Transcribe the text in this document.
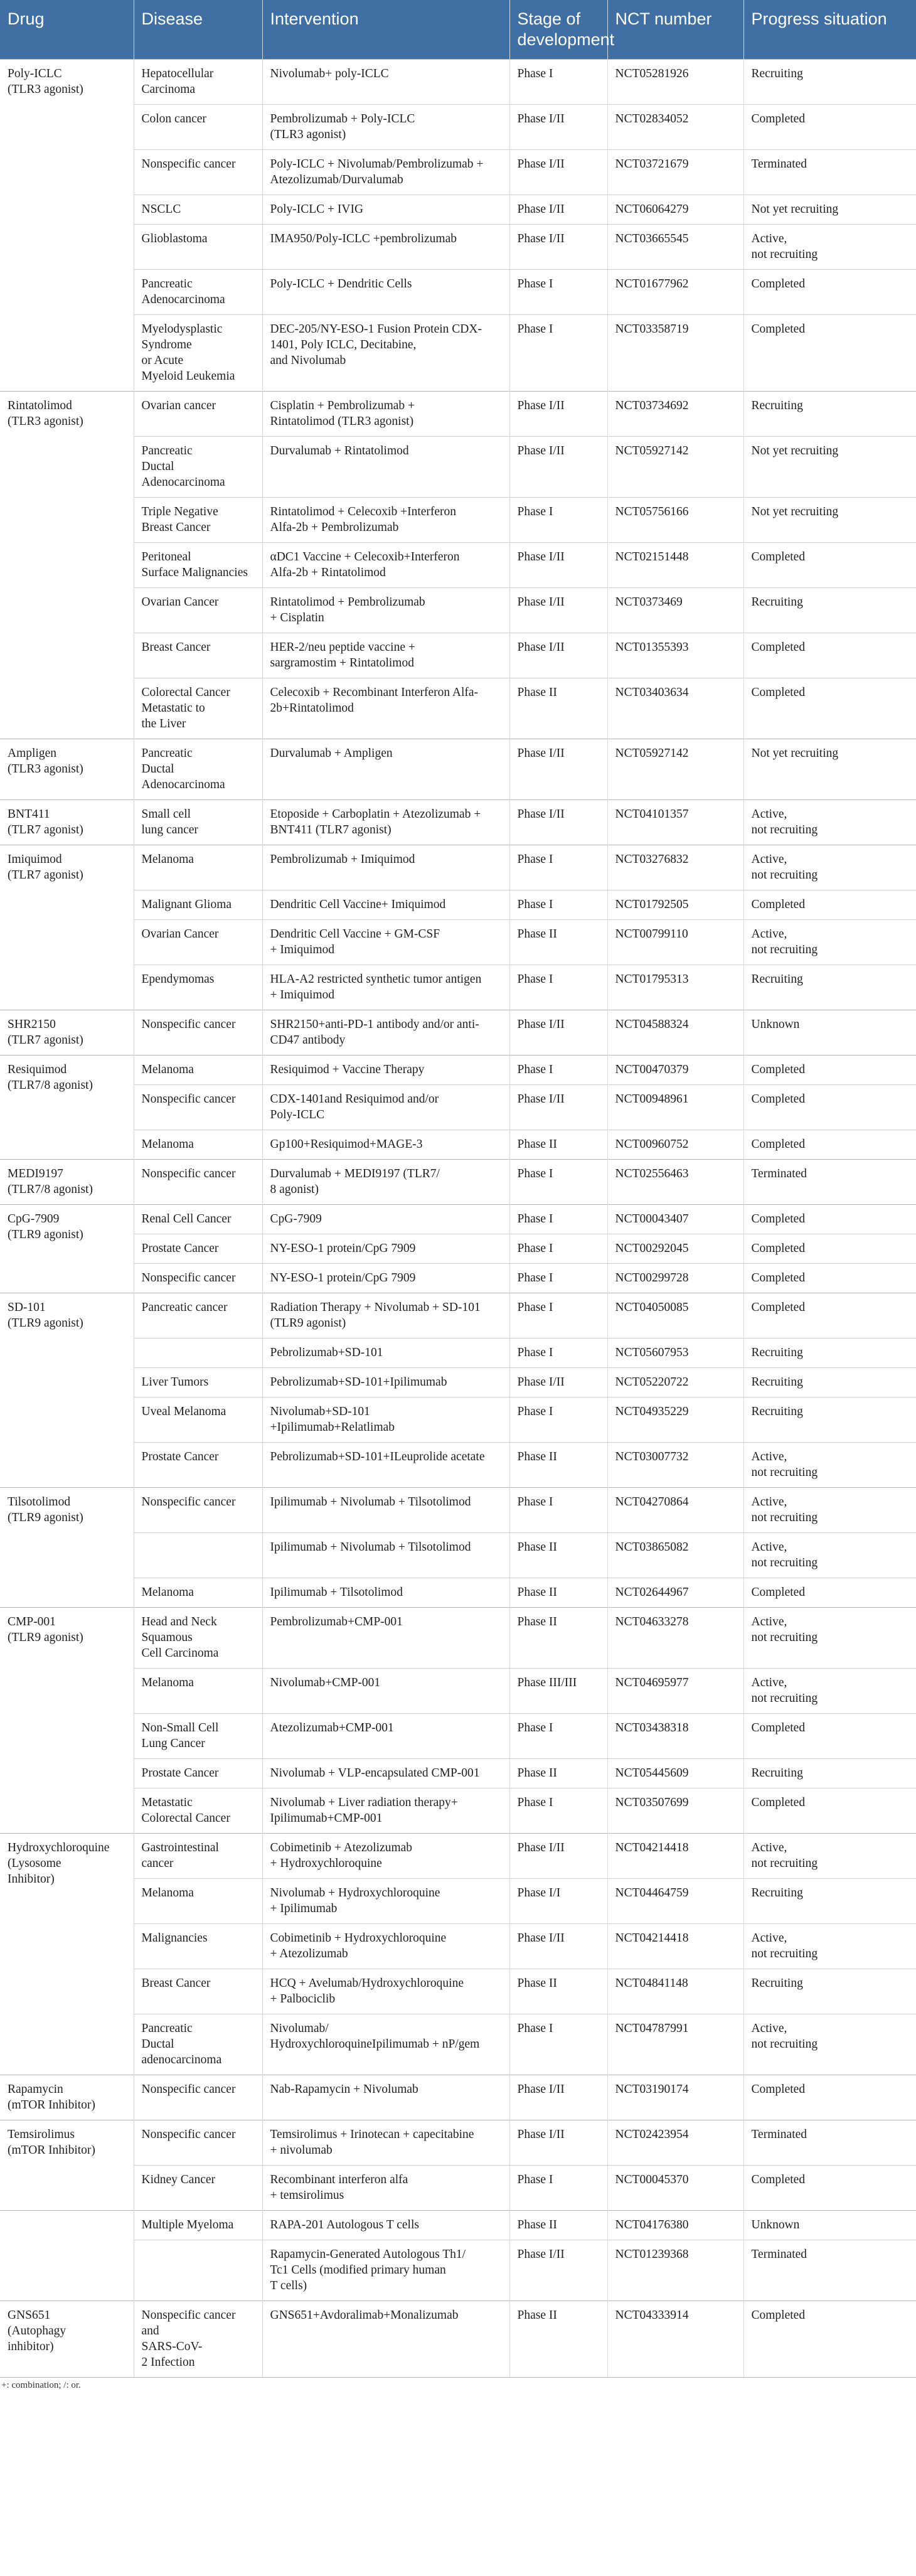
Drug	Disease	Intervention	Stage of development	NCT number	Progress situation
Poly-ICLC
(TLR3 agonist)	Hepatocellular
Carcinoma	Nivolumab+ poly-ICLC	Phase I	NCT05281926	Recruiting
	Colon cancer	Pembrolizumab + Poly-ICLC
(TLR3 agonist)	Phase I/II	NCT02834052	Completed
	Nonspecific cancer	Poly-ICLC + Nivolumab/Pembrolizumab +
Atezolizumab/Durvalumab	Phase I/II	NCT03721679	Terminated
	NSCLC	Poly-ICLC + IVIG	Phase I/II	NCT06064279	Not yet recruiting
	Glioblastoma	IMA950/Poly-ICLC +pembrolizumab	Phase I/II	NCT03665545	Active,
not recruiting
	Pancreatic
Adenocarcinoma	Poly-ICLC + Dendritic Cells	Phase I	NCT01677962	Completed
	Myelodysplastic
Syndrome
or Acute
Myeloid Leukemia	DEC-205/NY-ESO-1 Fusion Protein CDX-
1401, Poly ICLC, Decitabine,
and Nivolumab	Phase I	NCT03358719	Completed
Rintatolimod
(TLR3 agonist)	Ovarian cancer	Cisplatin + Pembrolizumab +
Rintatolimod (TLR3 agonist)	Phase I/II	NCT03734692	Recruiting
	Pancreatic
Ductal
Adenocarcinoma	Durvalumab + Rintatolimod	Phase I/II	NCT05927142	Not yet recruiting
	Triple Negative
Breast Cancer	Rintatolimod + Celecoxib +Interferon
Alfa-2b + Pembrolizumab	Phase I	NCT05756166	Not yet recruiting
	Peritoneal
Surface Malignancies	αDC1 Vaccine + Celecoxib+Interferon
Alfa-2b + Rintatolimod	Phase I/II	NCT02151448	Completed
	Ovarian Cancer	Rintatolimod + Pembrolizumab
+ Cisplatin	Phase I/II	NCT0373469	Recruiting
	Breast Cancer	HER-2/neu peptide vaccine +
sargramostim + Rintatolimod	Phase I/II	NCT01355393	Completed
	Colorectal Cancer
Metastatic to
the Liver	Celecoxib + Recombinant Interferon Alfa-
2b+Rintatolimod	Phase II	NCT03403634	Completed
Ampligen
(TLR3 agonist)	Pancreatic
Ductal
Adenocarcinoma	Durvalumab + Ampligen	Phase I/II	NCT05927142	Not yet recruiting
BNT411
(TLR7 agonist)	Small cell
lung cancer	Etoposide + Carboplatin + Atezolizumab +
BNT411 (TLR7 agonist)	Phase I/II	NCT04101357	Active,
not recruiting
Imiquimod
(TLR7 agonist)	Melanoma	Pembrolizumab + Imiquimod	Phase I	NCT03276832	Active,
not recruiting
	Malignant Glioma	Dendritic Cell Vaccine+ Imiquimod	Phase I	NCT01792505	Completed
	Ovarian Cancer	Dendritic Cell Vaccine + GM-CSF
+ Imiquimod	Phase II	NCT00799110	Active,
not recruiting
	Ependymomas	HLA-A2 restricted synthetic tumor antigen
+ Imiquimod	Phase I	NCT01795313	Recruiting
SHR2150
(TLR7 agonist)	Nonspecific cancer	SHR2150+anti-PD-1 antibody and/or anti-
CD47 antibody	Phase I/II	NCT04588324	Unknown
Resiquimod
(TLR7/8 agonist)	Melanoma	Resiquimod + Vaccine Therapy	Phase I	NCT00470379	Completed
	Nonspecific cancer	CDX-1401and Resiquimod and/or
Poly-ICLC	Phase I/II	NCT00948961	Completed
	Melanoma	Gp100+Resiquimod+MAGE-3	Phase II	NCT00960752	Completed
MEDI9197
(TLR7/8 agonist)	Nonspecific cancer	Durvalumab + MEDI9197 (TLR7/
8 agonist)	Phase I	NCT02556463	Terminated
CpG-7909
(TLR9 agonist)	Renal Cell Cancer	CpG-7909	Phase I	NCT00043407	Completed
	Prostate Cancer	NY-ESO-1 protein/CpG 7909	Phase I	NCT00292045	Completed
	Nonspecific cancer	NY-ESO-1 protein/CpG 7909	Phase I	NCT00299728	Completed
SD-101
(TLR9 agonist)	Pancreatic cancer	Radiation Therapy + Nivolumab + SD-101
(TLR9 agonist)	Phase I	NCT04050085	Completed
		Pebrolizumab+SD-101	Phase I	NCT05607953	Recruiting
	Liver Tumors	Pebrolizumab+SD-101+Ipilimumab	Phase I/II	NCT05220722	Recruiting
	Uveal Melanoma	Nivolumab+SD-101
+Ipilimumab+Relatlimab	Phase I	NCT04935229	Recruiting
	Prostate Cancer	Pebrolizumab+SD-101+ILeuprolide acetate	Phase II	NCT03007732	Active,
not recruiting
Tilsotolimod
(TLR9 agonist)	Nonspecific cancer	Ipilimumab + Nivolumab + Tilsotolimod	Phase I	NCT04270864	Active,
not recruiting
		Ipilimumab + Nivolumab + Tilsotolimod	Phase II	NCT03865082	Active,
not recruiting
	Melanoma	Ipilimumab + Tilsotolimod	Phase II	NCT02644967	Completed
CMP-001
(TLR9 agonist)	Head and Neck
Squamous
Cell Carcinoma	Pembrolizumab+CMP-001	Phase II	NCT04633278	Active,
not recruiting
	Melanoma	Nivolumab+CMP-001	Phase III/III	NCT04695977	Active,
not recruiting
	Non-Small Cell
Lung Cancer	Atezolizumab+CMP-001	Phase I	NCT03438318	Completed
	Prostate Cancer	Nivolumab + VLP-encapsulated CMP-001	Phase II	NCT05445609	Recruiting
	Metastatic
Colorectal Cancer	Nivolumab + Liver radiation therapy+
Ipilimumab+CMP-001	Phase I	NCT03507699	Completed
Hydroxychloroquine
(Lysosome
Inhibitor)	Gastrointestinal
cancer	Cobimetinib + Atezolizumab
+ Hydroxychloroquine	Phase I/II	NCT04214418	Active,
not recruiting
	Melanoma	Nivolumab + Hydroxychloroquine
+ Ipilimumab	Phase I/I	NCT04464759	Recruiting
	Malignancies	Cobimetinib + Hydroxychloroquine
+ Atezolizumab	Phase I/II	NCT04214418	Active,
not recruiting
	Breast Cancer	HCQ + Avelumab/Hydroxychloroquine
+ Palbociclib	Phase II	NCT04841148	Recruiting
	Pancreatic
Ductal
adenocarcinoma	Nivolumab/
HydroxychloroquineIpilimumab + nP/gem	Phase I	NCT04787991	Active,
not recruiting
Rapamycin
(mTOR Inhibitor)	Nonspecific cancer	Nab-Rapamycin + Nivolumab	Phase I/II	NCT03190174	Completed
Temsirolimus
(mTOR Inhibitor)	Nonspecific cancer	Temsirolimus + Irinotecan + capecitabine
+ nivolumab	Phase I/II	NCT02423954	Terminated
	Kidney Cancer	Recombinant interferon alfa
+ temsirolimus	Phase I	NCT00045370	Completed
	Multiple Myeloma	RAPA-201 Autologous T cells	Phase II	NCT04176380	Unknown
		Rapamycin-Generated Autologous Th1/
Tc1 Cells (modified primary human
T cells)	Phase I/II	NCT01239368	Terminated
GNS651
(Autophagy
inhibitor)	Nonspecific cancer
and
SARS-CoV-
2 Infection	GNS651+Avdoralimab+Monalizumab	Phase II	NCT04333914	Completed
+: combination; /: or.
